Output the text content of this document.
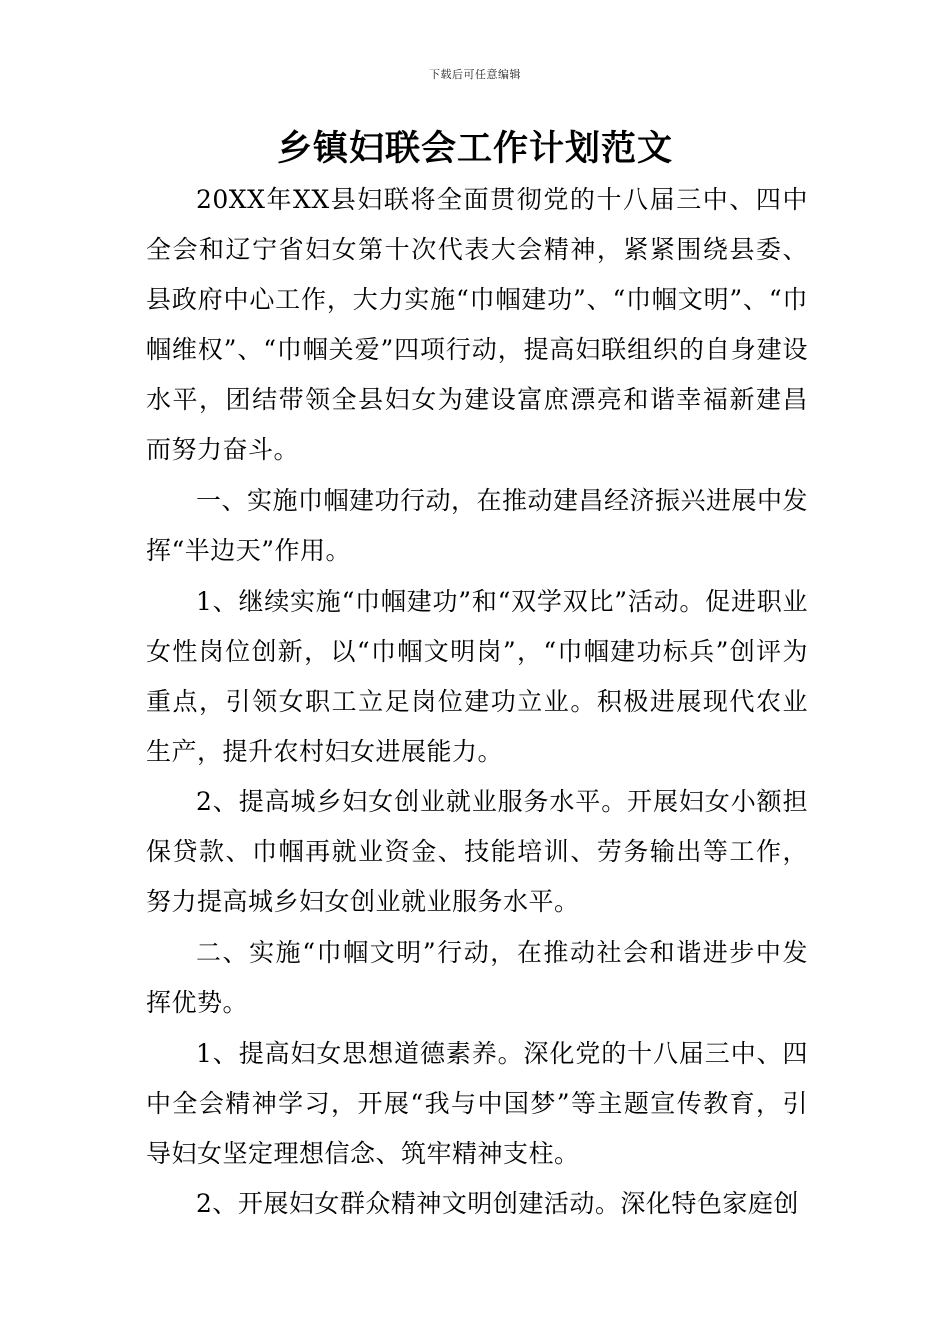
下载后可任意编辑
乡镇妇联会工作计划范文

20XX年XX县妇联将全面贯彻党的十八届三中、四中全会和辽宁省妇女第十次代表大会精神，紧紧围绕县委、县政府中心工作，大力实施“巾帼建功”、“巾帼文明”、“巾帼维权”、“巾帼关爱”四项行动，提高妇联组织的自身建设水平，团结带领全县妇女为建设富庶漂亮和谐幸福新建昌而努力奋斗。

一、实施巾帼建功行动，在推动建昌经济振兴进展中发挥“半边天”作用。

1、继续实施“巾帼建功”和“双学双比”活动。促进职业女性岗位创新，以“巾帼文明岗”，“巾帼建功标兵”创评为重点，引领女职工立足岗位建功立业。积极进展现代农业生产，提升农村妇女进展能力。

2、提高城乡妇女创业就业服务水平。开展妇女小额担保贷款、巾帼再就业资金、技能培训、劳务输出等工作，努力提高城乡妇女创业就业服务水平。

二、实施“巾帼文明”行动，在推动社会和谐进步中发挥优势。

1、提高妇女思想道德素养。深化党的十八届三中、四中全会精神学习，开展“我与中国梦”等主题宣传教育，引导妇女坚定理想信念、筑牢精神支柱。

2、开展妇女群众精神文明创建活动。深化特色家庭创
